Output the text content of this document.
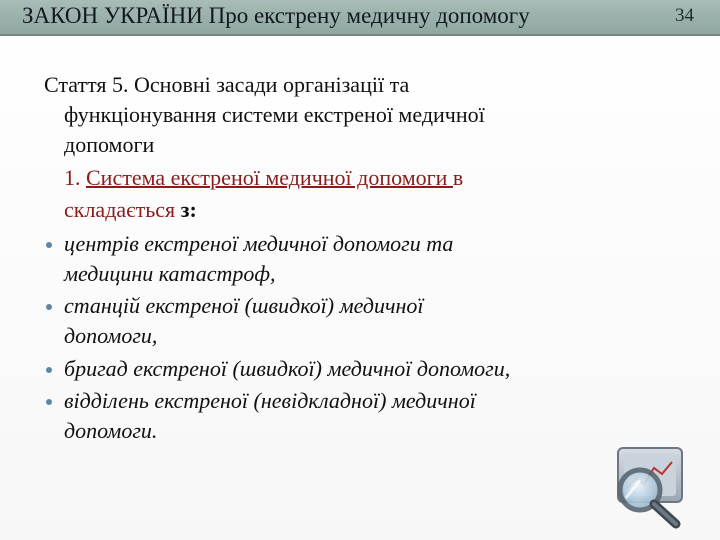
ЗАКОН УКРАЇНИ Про екстрену медичну допомогу	34
Стаття 5. Основні засади організації та
функціонування системи екстреної медичної
допомоги
1. Система екстреної медичної допомоги в
складається з:
центрів екстреної медичної допомоги та
медицини катастроф,
станцій екстреної (швидкої) медичної
допомоги,
бригад екстреної (швидкої) медичної допомоги,
відділень екстреної (невідкладної) медичної
допомоги.
